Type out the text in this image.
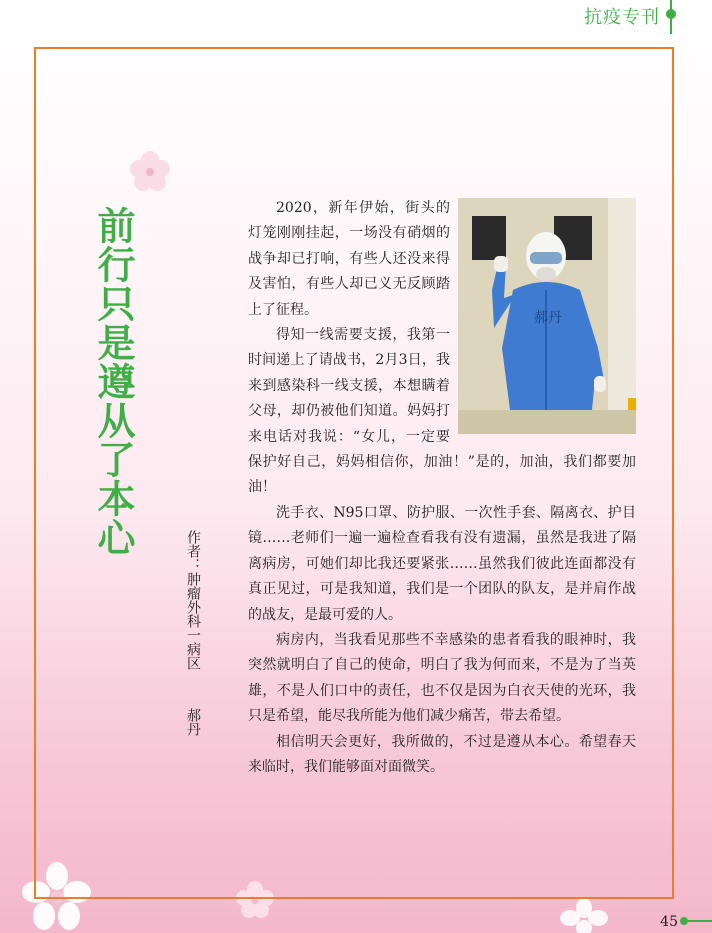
抗疫专刊
前行只是遵从了本心
作者：肿瘤外科一病区 郝丹
郝丹

2020，新年伊始，街头的灯笼刚刚挂起，一场没有硝烟的战争却已打响，有些人还没来得及害怕，有些人却已义无反顾踏上了征程。

得知一线需要支援，我第一时间递上了请战书，2月3日，我来到感染科一线支援，本想瞒着父母，却仍被他们知道。妈妈打来电话对我说：“女儿，一定要保护好自己，妈妈相信你，加油！”是的，加油，我们都要加油！

洗手衣、N95口罩、防护服、一次性手套、隔离衣、护目镜……老师们一遍一遍检查看我有没有遗漏，虽然是我进了隔离病房，可她们却比我还要紧张……虽然我们彼此连面都没有真正见过，可是我知道，我们是一个团队的队友，是并肩作战的战友，是最可爱的人。

病房内，当我看见那些不幸感染的患者看我的眼神时，我突然就明白了自己的使命，明白了我为何而来，不是为了当英雄，不是人们口中的责任，也不仅是因为白衣天使的光环，我只是希望，能尽我所能为他们减少痛苦，带去希望。

相信明天会更好，我所做的，不过是遵从本心。希望春天来临时，我们能够面对面微笑。

45
